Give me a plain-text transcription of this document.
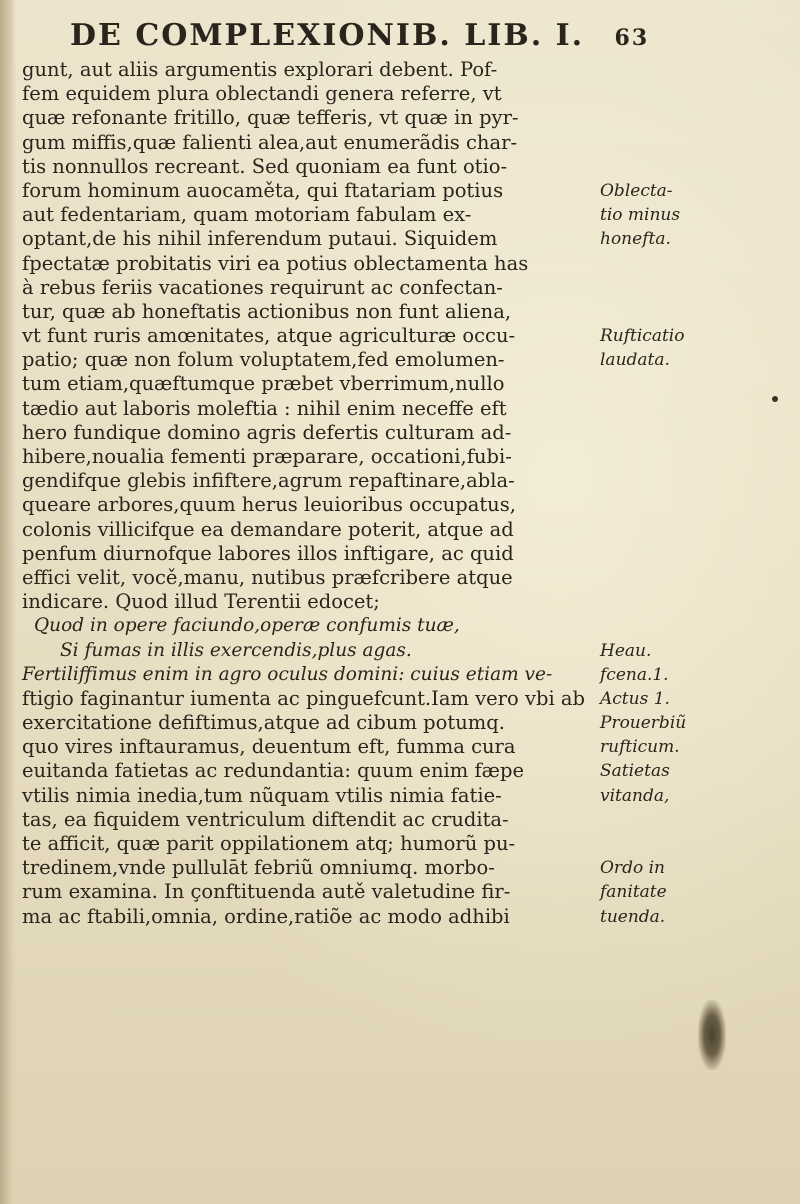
DE COMPLEXIONIB. LIB. I. 63
gunt, aut aliis argumentis explorari debent. Pof-
fem equidem plura oblectandi genera referre, vt
quæ refonante fritillo, quæ tefferis, vt quæ in pyr-
gum miffis,quæ falienti alea,aut enumerãdis char-
tis nonnullos recreant. Sed quoniam ea funt otio-
forum hominum auocaměta, qui ftatariam potius
aut fedentariam, quam motoriam fabulam ex-
optant,de his nihil inferendum putaui. Siquidem
fpectatæ probitatis viri ea potius oblectamenta has
à rebus feriis vacationes requirunt ac confectan-
tur, quæ ab honeftatis actionibus non funt aliena,
vt funt ruris amœnitates, atque agriculturæ occu-
patio; quæ non folum voluptatem,fed emolumen-
tum etiam,quæftumque præbet vberrimum,nullo
tædio aut laboris moleftia : nihil enim neceffe eft
hero fundique domino agris defertis culturam ad-
hibere,noualia fementi præparare, occationi,fubi-
gendifque glebis infiftere,agrum repaftinare,abla-
queare arbores,quum herus leuioribus occupatus,
colonis villicifque ea demandare poterit, atque ad
penfum diurnofque labores illos inftigare, ac quid
effici velit, vocě,manu, nutibus præfcribere atque
indicare. Quod illud Terentii edocet;
Quod in opere faciundo,operæ confumis tuæ,
Si fumas in illis exercendis,plus agas.
Fertiliffimus enim in agro oculus domini: cuius etiam ve-
ftigio faginantur iumenta ac pinguefcunt.Iam vero vbi ab
exercitatione defiftimus,atque ad cibum potumq.
quo vires inftauramus, deuentum eft, fumma cura
euitanda fatietas ac redundantia: quum enim fæpe
vtilis nimia inedia,tum nũquam vtilis nimia fatie-
tas, ea fiquidem ventriculum diftendit ac crudita-
te afficit, quæ parit oppilationem atq; humorũ pu-
tredinem,vnde pullulāt febriũ omniumq. morbo-
rum examina. In çonftituenda autě valetudine fir-
ma ac ftabili,omnia, ordine,ratiõe ac modo adhibi
Oblecta-
tio minus
honefta.
Rufticatio
laudata.
Heau.
fcena.1.
Actus 1.
Prouerbiũ
rufticum.
Satietas
vitanda,
Ordo in
fanitate
tuenda.
